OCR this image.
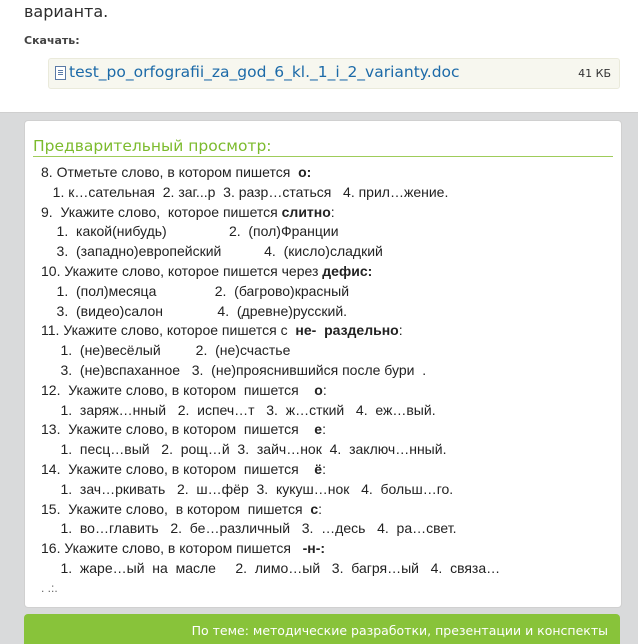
варианта.
Скачать:
test_po_orfografii_za_god_6_kl._1_i_2_varianty.doc	41 КБ
Предварительный просмотр:
8. Отметьте слово, в котором пишется  о:
1. к…сательная  2. заг...р  3. разр…статься   4. прил…жение.
9.  Укажите слово,  которое пишется слитно:
1.  какой(нибудь)                2.  (пол)Франции
3.  (западно)европейский           4.  (кисло)сладкий
10. Укажите слово, которое пишется через дефис:
1.  (пол)месяца               2.  (багрово)красный
3.  (видео)салон              4.  (древне)русский.
11. Укажите слово, которое пишется с  не-  раздельно:
1.  (не)весёлый         2.  (не)счастье
3.  (не)вспаханное   3.  (не)прояснившийся после бури  .
12.  Укажите слово, в котором  пишется    о:
1.  заряж…нный   2.  испеч…т   3.  ж…сткий   4.  еж…вый.
13.  Укажите слово, в котором  пишется    е:
1.  песц…вый   2.  рощ…й  3.  зайч…нок  4.  заключ…нный.
14.  Укажите слово, в котором  пишется    ё:
1.  зач…ркивать   2.  ш…фёр  3.  кукуш…нок   4.  больш…го.
15.  Укажите слово,  в котором  пишется  с:
1.  во…главить   2.  бе…различный   3.  …десь   4.  ра…свет.
16. Укажите слово, в котором пишется   -н-:
1.  жаре…ый  на  масле     2.  лимо…ый   3.  багря…ый   4.  связа…
. .:.
По теме: методические разработки, презентации и конспекты
